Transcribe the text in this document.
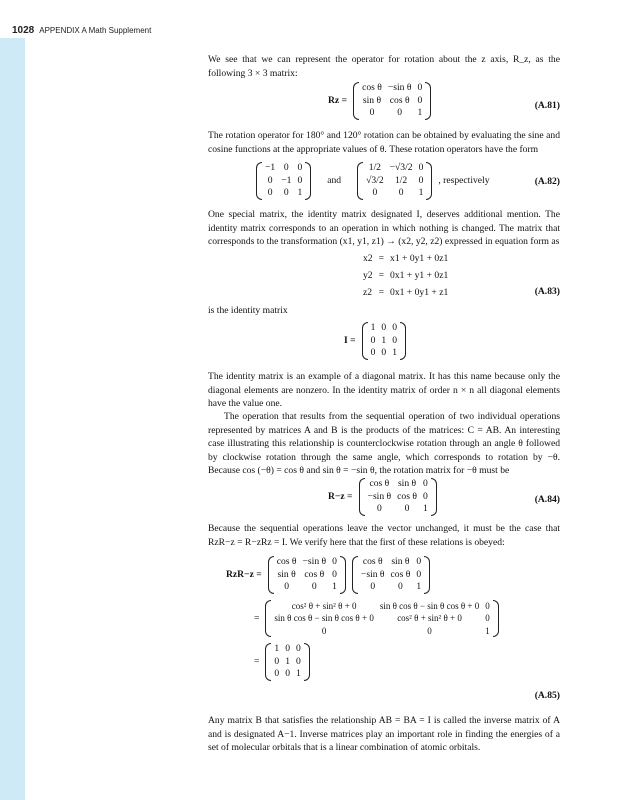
1028 APPENDIX A Math Supplement

We see that we can represent the operator for rotation about the z axis, R_z, as the following 3 × 3 matrix:

Rz =
cos θ	−sin θ	0
sin θ	cos θ	0
0	0	1
(A.81)

The rotation operator for 180° and 120° rotation can be obtained by evaluating the sine and cosine functions at the appropriate values of θ. These rotation operators have the form

−1	0	0
0	−1	0
0	0	1
and
1/2	−√3/2	0
√3/2	1/2	0
0	0	1
, respectively	(A.82)

One special matrix, the identity matrix designated I, deserves additional mention. The identity matrix corresponds to an operation in which nothing is changed. The matrix that corresponds to the transformation (x1, y1, z1) → (x2, y2, z2) expressed in equation form as

x2	=	x1 + 0y1 + 0z1
y2	=	0x1 + y1 + 0z1
z2	=	0x1 + 0y1 + z1	(A.83)

is the identity matrix

I =
1	0	0
0	1	0
0	0	1

The identity matrix is an example of a diagonal matrix. It has this name because only the diagonal elements are nonzero. In the identity matrix of order n × n all diagonal elements have the value one.

The operation that results from the sequential operation of two individual operations represented by matrices A and B is the products of the matrices: C = AB. An interesting case illustrating this relationship is counterclockwise rotation through an angle θ followed by clockwise rotation through the same angle, which corresponds to rotation by −θ. Because cos (−θ) = cos θ and sin θ = −sin θ, the rotation matrix for −θ must be

R−z =
cos θ	sin θ	0
−sin θ	cos θ	0
0	0	1
(A.84)

Because the sequential operations leave the vector unchanged, it must be the case that RzR−z = R−zRz = I. We verify here that the first of these relations is obeyed:

RzR−z =
cos θ	−sin θ	0
sin θ	cos θ	0
0	0	1
cos θ	sin θ	0
−sin θ	cos θ	0
0	0	1
=
cos² θ + sin² θ + 0	sin θ cos θ − sin θ cos θ + 0	0
sin θ cos θ − sin θ cos θ + 0	cos² θ + sin² θ + 0	0
0	0	1
=
1	0	0
0	1	0
0	0	1
(A.85)

Any matrix B that satisfies the relationship AB = BA = I is called the inverse matrix of A and is designated A−1. Inverse matrices play an important role in finding the energies of a set of molecular orbitals that is a linear combination of atomic orbitals.
